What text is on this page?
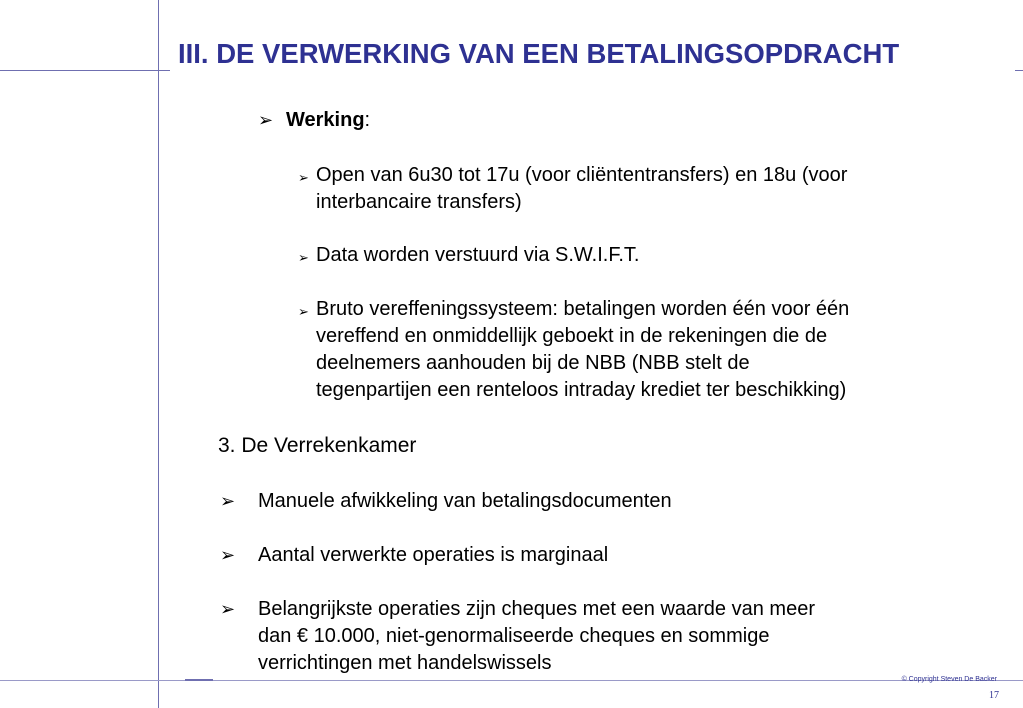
III. DE VERWERKING VAN EEN BETALINGSOPDRACHT
➢ Werking:
➢ Open van 6u30 tot 17u (voor cliëntentransfers) en 18u (voor
interbancaire transfers)
➢ Data worden verstuurd via S.W.I.F.T.
➢ Bruto vereffeningssysteem: betalingen worden één voor één
vereffend en onmiddellijk geboekt in de rekeningen die de
deelnemers aanhouden bij de NBB (NBB stelt de
tegenpartijen een renteloos intraday krediet ter beschikking)
3. De Verrekenkamer
➢ Manuele afwikkeling van betalingsdocumenten
➢ Aantal verwerkte operaties is marginaal
➢ Belangrijkste operaties zijn cheques met een waarde van meer
dan € 10.000, niet-genormaliseerde cheques en sommige
verrichtingen met handelswissels
© Copyright Steven De Backer
17
